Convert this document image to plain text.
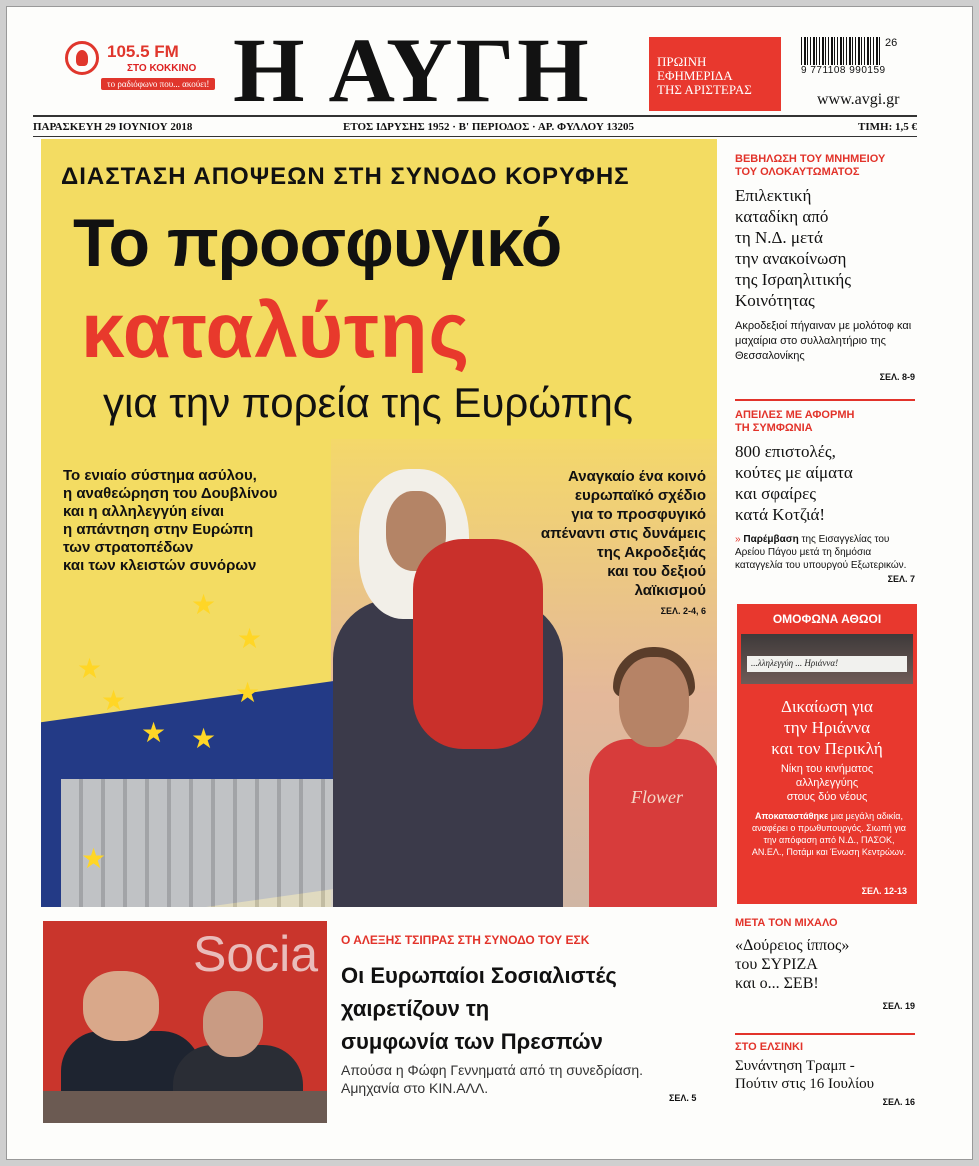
105.5 FM
ΣΤΟ ΚΟΚΚΙΝΟ
το ραδιόφωνο που... ακούει! Η ΑΥΓΗ	ΠΡΩΙΝΗ
ΕΦΗΜΕΡΙΔΑ
ΤΗΣ ΑΡΙΣΤΕΡΑΣ
26
9 771108 990159
www.avgi.gr
ΠΑΡΑΣΚΕΥΗ 29 ΙΟΥΝΙΟΥ 2018	ΕΤΟΣ ΙΔΡΥΣΗΣ 1952 · Β' ΠΕΡΙΟΔΟΣ · ΑΡ. ΦΥΛΛΟΥ 13205	ΤΙΜΗ: 1,5 €
★
★
★
★
★
★ ★
★
Flower
ΔΙΑΣΤΑΣΗ ΑΠΟΨΕΩΝ ΣΤΗ ΣΥΝΟΔΟ ΚΟΡΥΦΗΣ
Το προσφυγικό
καταλύτης
για την πορεία της Ευρώπης
Το ενιαίο σύστημα ασύλου,
η αναθεώρηση του Δουβλίνου
και η αλληλεγγύη είναι
η απάντηση στην Ευρώπη
των στρατοπέδων
και των κλειστών συνόρων
Αναγκαίο ένα κοινό
ευρωπαϊκό σχέδιο
για το προσφυγικό
απέναντι στις δυνάμεις
της Ακροδεξιάς
και του δεξιού
λαϊκισμού
ΣΕΛ. 2-4, 6
ΒΕΒΗΛΩΣΗ ΤΟΥ ΜΝΗΜΕΙΟΥ
ΤΟΥ ΟΛΟΚΑΥΤΩΜΑΤΟΣ
Επιλεκτική
καταδίκη από
τη Ν.Δ. μετά
την ανακοίνωση
της Ισραηλιτικής
Κοινότητας
Ακροδεξιοί πήγαιναν με μολότοφ και μαχαίρια στο συλλαλητήριο της Θεσσαλονίκης
ΣΕΛ. 8-9
ΑΠΕΙΛΕΣ ΜΕ ΑΦΟΡΜΗ
ΤΗ ΣΥΜΦΩΝΙΑ
800 επιστολές,
κούτες με αίματα
και σφαίρες
κατά Κοτζιά!
» Παρέμβαση της Εισαγγελίας του Αρείου Πάγου μετά τη δημόσια καταγγελία του υπουργού Εξωτερικών.
ΣΕΛ. 7
ΟΜΟΦΩΝΑ ΑΘΩΟΙ
...λληλεγγύη ... Ηριάννα!
Δικαίωση για
την Ηριάννα
και τον Περικλή
Νίκη του κινήματος
αλληλεγγύης
στους δύο νέους
Αποκαταστάθηκε μια μεγάλη αδικία, αναφέρει ο πρωθυπουργός. Σιωπή για την απόφαση από Ν.Δ., ΠΑΣΟΚ, ΑΝ.ΕΛ., Ποτάμι και Ένωση Κεντρώων.
ΣΕΛ. 12-13
ΜΕΤΑ ΤΟΝ ΜΙΧΑΛΟ
«Δούρειος ίππος»
του ΣΥΡΙΖΑ
και ο... ΣΕΒ!
ΣΕΛ. 19
ΣΤΟ ΕΛΣΙΝΚΙ
Συνάντηση Τραμπ -
Πούτιν στις 16 Ιουλίου
ΣΕΛ. 16
Socia Ο ΑΛΕΞΗΣ ΤΣΙΠΡΑΣ ΣΤΗ ΣΥΝΟΔΟ ΤΟΥ ΕΣΚ
Οι Ευρωπαίοι Σοσιαλιστές
χαιρετίζουν τη
συμφωνία των Πρεσπών
Απούσα η Φώφη Γεννηματά από τη συνεδρίαση.
Αμηχανία στο ΚΙΝ.ΑΛΛ.
ΣΕΛ. 5
